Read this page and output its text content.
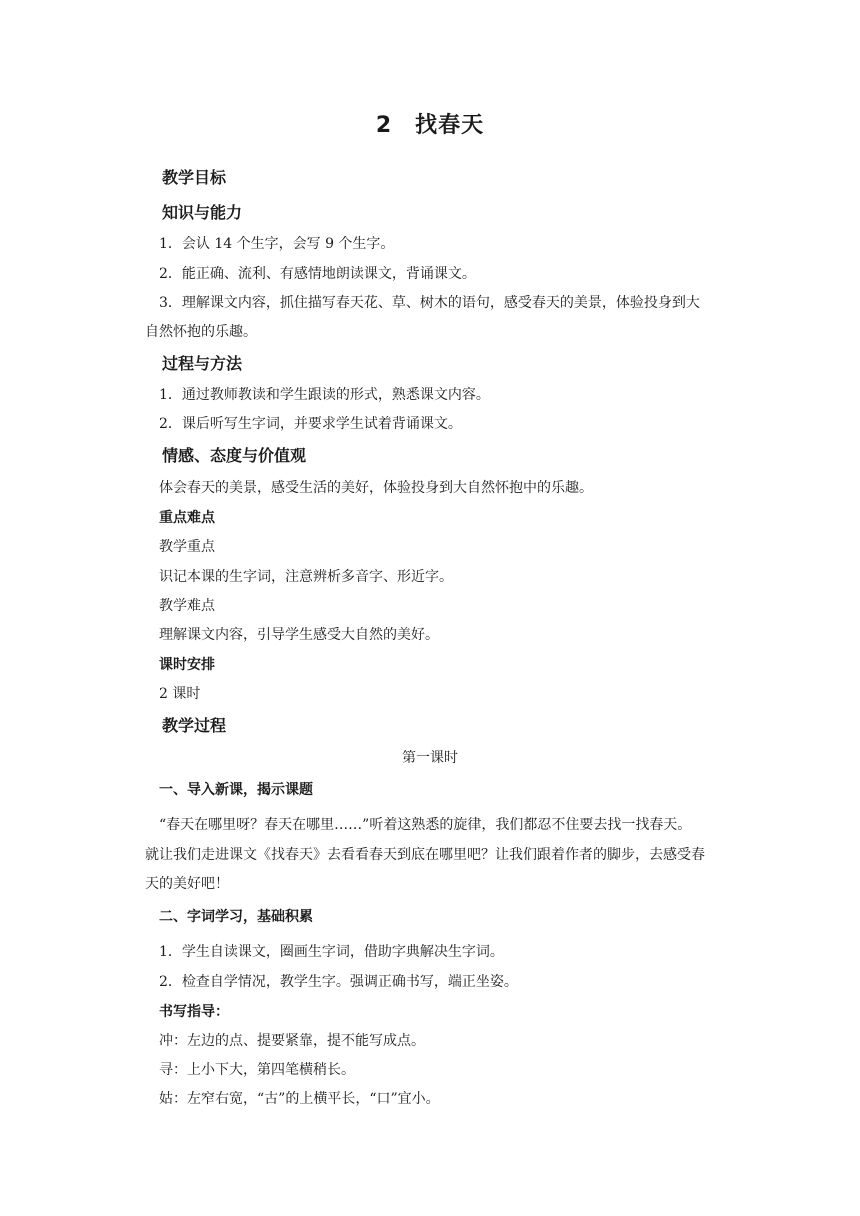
2　找春天
教学目标
知识与能力
1．会认 14 个生字，会写 9 个生字。
2．能正确、流利、有感情地朗读课文，背诵课文。
3．理解课文内容，抓住描写春天花、草、树木的语句，感受春天的美景，体验投身到大
自然怀抱的乐趣。
过程与方法
1．通过教师教读和学生跟读的形式，熟悉课文内容。
2．课后听写生字词，并要求学生试着背诵课文。
情感、态度与价值观
体会春天的美景，感受生活的美好，体验投身到大自然怀抱中的乐趣。
重点难点
教学重点
识记本课的生字词，注意辨析多音字、形近字。
教学难点
理解课文内容，引导学生感受大自然的美好。
课时安排
2 课时
教学过程
第一课时
一、导入新课，揭示课题
“春天在哪里呀？春天在哪里……”听着这熟悉的旋律，我们都忍不住要去找一找春天。
就让我们走进课文《找春天》去看看春天到底在哪里吧？让我们跟着作者的脚步，去感受春
天的美好吧！
二、字词学习，基础积累
1．学生自读课文，圈画生字词，借助字典解决生字词。
2．检查自学情况，教学生字。强调正确书写，端正坐姿。
书写指导：
冲：左边的点、提要紧靠，提不能写成点。
寻：上小下大，第四笔横稍长。
姑：左窄右宽，“古”的上横平长，“口”宜小。
